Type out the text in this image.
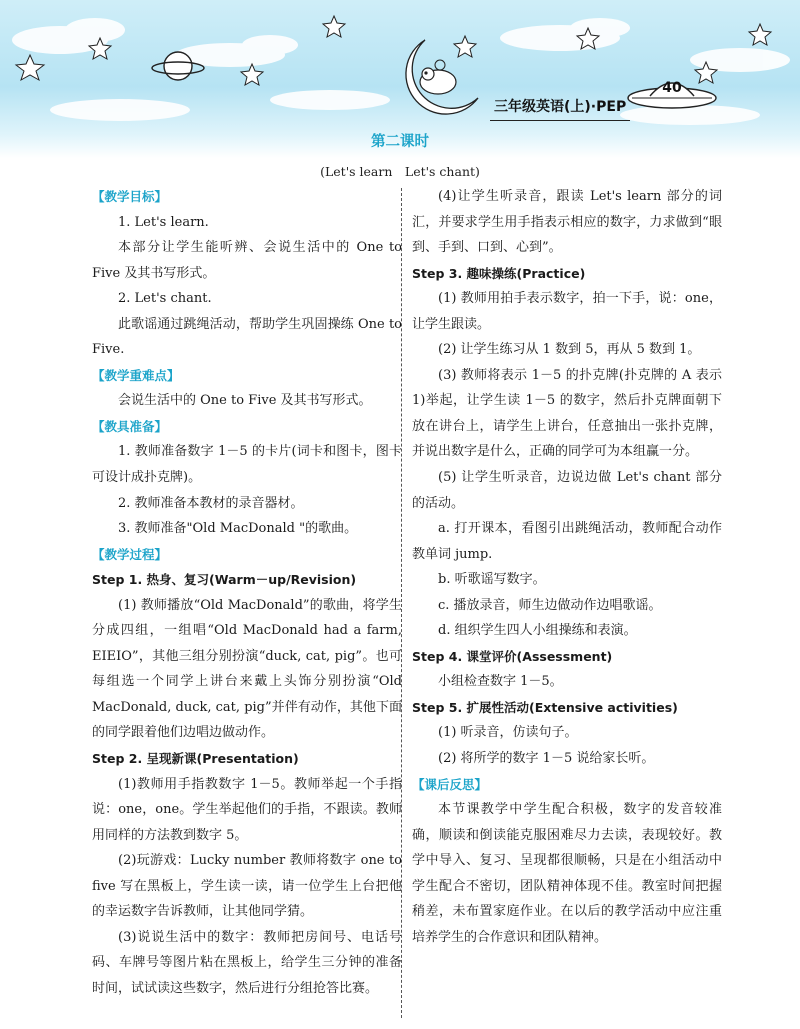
40
三年级英语(上)·PEP
第二课时
(Let's learn　Let's chant)
【教学目标】
1. Let's learn.
本部分让学生能听辨、会说生活中的 One to Five 及其书写形式。
2. Let's chant.
此歌谣通过跳绳活动，帮助学生巩固操练 One to Five.
【教学重难点】
会说生活中的 One to Five 及其书写形式。
【教具准备】
1. 教师准备数字 1－5 的卡片(词卡和图卡，图卡可设计成扑克牌)。
2. 教师准备本教材的录音器材。
3. 教师准备"Old MacDonald "的歌曲。
【教学过程】
Step 1. 热身、复习(Warm－up/Revision)
(1) 教师播放“Old MacDonald”的歌曲，将学生分成四组，一组唱“Old MacDonald had a farm, EIEIO”，其他三组分别扮演“duck, cat, pig”。也可每组选一个同学上讲台来戴上头饰分别扮演“Old MacDonald, duck, cat, pig”并伴有动作，其他下面的同学跟着他们边唱边做动作。
Step 2. 呈现新课(Presentation)
(1)教师用手指教数字 1－5。教师举起一个手指说：one，one。学生举起他们的手指，不跟读。教师用同样的方法教到数字 5。
(2)玩游戏：Lucky number 教师将数字 one to five 写在黑板上，学生读一读，请一位学生上台把他的幸运数字告诉教师，让其他同学猜。
(3)说说生活中的数字：教师把房间号、电话号码、车牌号等图片粘在黑板上，给学生三分钟的准备时间，试试读这些数字，然后进行分组抢答比赛。
(4)让学生听录音，跟读 Let's learn 部分的词汇，并要求学生用手指表示相应的数字，力求做到“眼到、手到、口到、心到”。
Step 3. 趣味操练(Practice)
(1) 教师用拍手表示数字，拍一下手，说：one，让学生跟读。
(2) 让学生练习从 1 数到 5，再从 5 数到 1。
(3) 教师将表示 1－5 的扑克牌(扑克牌的 A 表示 1)举起，让学生读 1－5 的数字，然后扑克牌面朝下放在讲台上，请学生上讲台，任意抽出一张扑克牌，并说出数字是什么，正确的同学可为本组赢一分。
(5) 让学生听录音，边说边做 Let's chant 部分的活动。
a. 打开课本，看图引出跳绳活动，教师配合动作教单词 jump.
b. 听歌谣写数字。
c. 播放录音，师生边做动作边唱歌谣。
d. 组织学生四人小组操练和表演。
Step 4. 课堂评价(Assessment)
小组检查数字 1－5。
Step 5. 扩展性活动(Extensive activities)
(1) 听录音，仿读句子。
(2) 将所学的数字 1－5 说给家长听。
【课后反思】
本节课教学中学生配合积极，数字的发音较准确，顺读和倒读能克服困难尽力去读，表现较好。教学中导入、复习、呈现都很顺畅，只是在小组活动中学生配合不密切，团队精神体现不佳。教室时间把握稍差，未布置家庭作业。在以后的教学活动中应注重培养学生的合作意识和团队精神。
